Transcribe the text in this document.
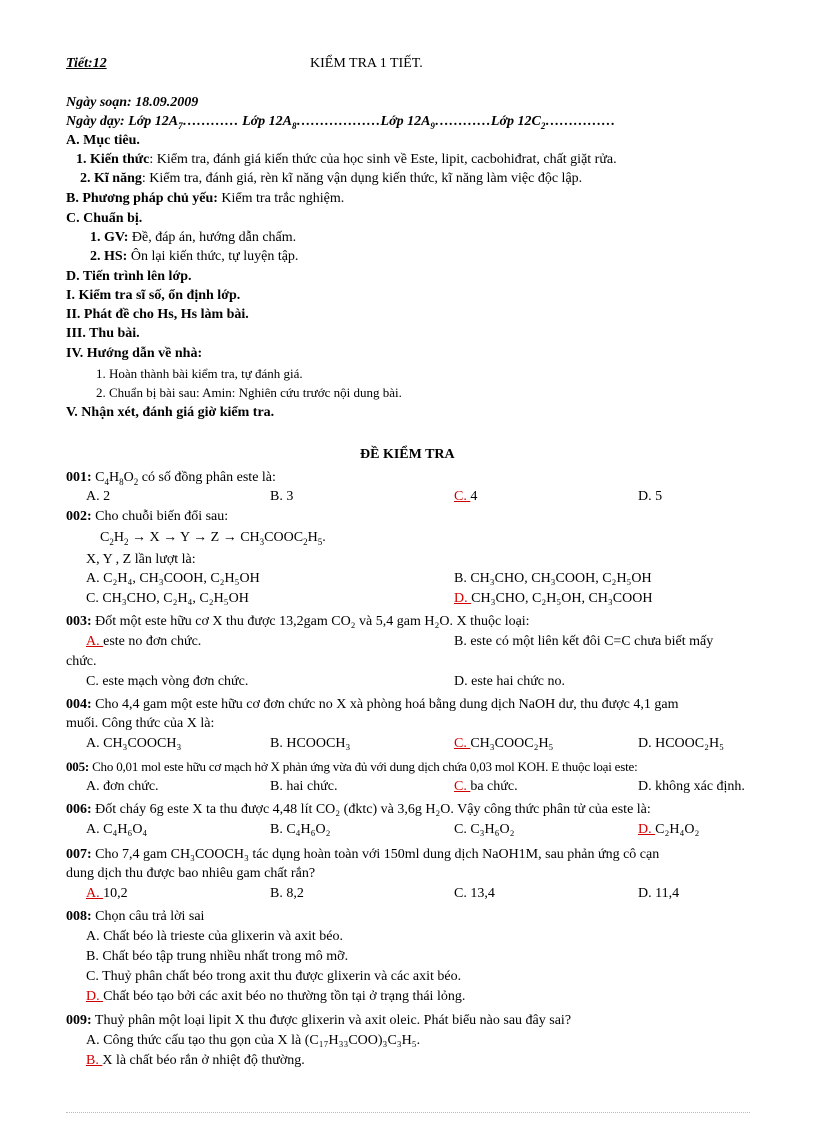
Tiết:12	KIỂM TRA 1 TIẾT.
Ngày soạn: 18.09.2009
Ngày dạy: Lớp $12A_7\dots\dots\dots\dots$ Lớp $12A_8\dots\dots\dots\dots\dots\dots Lớp$ $12A_9\dots\dots\dots\dots Lớp$ $12C_2\dots\dots\dots\dots\dots$
A. Mục tiêu.
1. Kiến thức: Kiểm tra, đánh giá kiến thức của học sinh về Este, lipit, cacbohiđrat, chất giặt rửa.
2. Kĩ năng: Kiểm tra, đánh giá, rèn kĩ năng vận dụng kiến thức, kĩ năng làm việc độc lập.
B. Phương pháp chủ yếu: Kiểm tra trắc nghiệm.
C. Chuẩn bị.
1. GV: Đề, đáp án, hướng dẫn chấm.
2. HS: Ôn lại kiến thức, tự luyện tập.
D. Tiến trình lên lớp.
I. Kiểm tra sĩ số, ổn định lớp.
II. Phát đề cho Hs, Hs làm bài.
III. Thu bài.
IV. Hướng dẫn về nhà:
1. Hoàn thành bài kiểm tra, tự đánh giá.
2. Chuẩn bị bài sau: Amin: Nghiên cứu trước nội dung bài.
V. Nhận xét, đánh giá giờ kiểm tra.
ĐỀ KIỂM TRA
001: $C_4H_8O_2$ có số đồng phân este là:
A. 2	B. 3	C. 4	D. 5
002: Cho chuỗi biến đổi sau:
$C_2H_2 \to X \to Y \to Z$ → $CH_3COOC_2H_5$.
X, Y , Z lần lượt là:
A. C₂H₄, CH₃COOH, C₂H₅OH	B. CH₃CHO, CH₃COOH, C₂H₅OH
C. CH₃CHO, C₂H₄, C₂H₅OH	D. CH₃CHO, C₂H₅OH, CH₃COOH
003: Đốt một este hữu cơ X thu được 13,2gam CO₂ và 5,4 gam H₂O. X thuộc loại:
A. este no đơn chức.	B. este có một liên kết đôi C=C chưa biết mấy
chức.
C. este mạch vòng đơn chức.	D. este hai chức no.
004: Cho 4,4 gam một este hữu cơ đơn chức no X xà phòng hoá bằng dung dịch NaOH dư, thu được 4,1 gam
muối. Công thức của X là:
A. CH₃COOCH₃	B. HCOOCH₃	C. CH₃COOC₂H₅	D. HCOOC₂H₅
005: Cho 0,01 mol este hữu cơ mạch hở X phản ứng vừa đủ với dung dịch chứa 0,03 mol KOH. E thuộc loại este:
A. đơn chức.	B. hai chức.	C. ba chức.	D. không xác định.
006: Đốt cháy 6g este X ta thu được 4,48 lít CO₂ (đktc) và 3,6g H₂O. Vậy công thức phân tử của este là:
A. C₄H₆O₄	B. C₄H₆O₂	C. C₃H₆O₂	D. C₂H₄O₂
007: Cho 7,4 gam CH₃COOCH₃ tác dụng hoàn toàn với 150ml dung dịch NaOH1M, sau phản ứng cô cạn
dung dịch thu được bao nhiêu gam chất rắn?
A. 10,2	B. 8,2	C. 13,4	D. 11,4
008: Chọn câu trả lời sai
A. Chất béo là trieste của glixerin và axit béo.
B. Chất béo tập trung nhiều nhất trong mô mỡ.
C. Thuỷ phân chất béo trong axit thu được glixerin và các axit béo.
D. Chất béo tạo bởi các axit béo no thường tồn tại ở trạng thái lỏng.
009: Thuỷ phân một loại lipit X thu được glixerin và axit oleic. Phát biểu nào sau đây sai?
A. Công thức cấu tạo thu gọn của X là (C₁₇H₃₃COO)₃C₃H₅.
B. X là chất béo rắn ở nhiệt độ thường.
